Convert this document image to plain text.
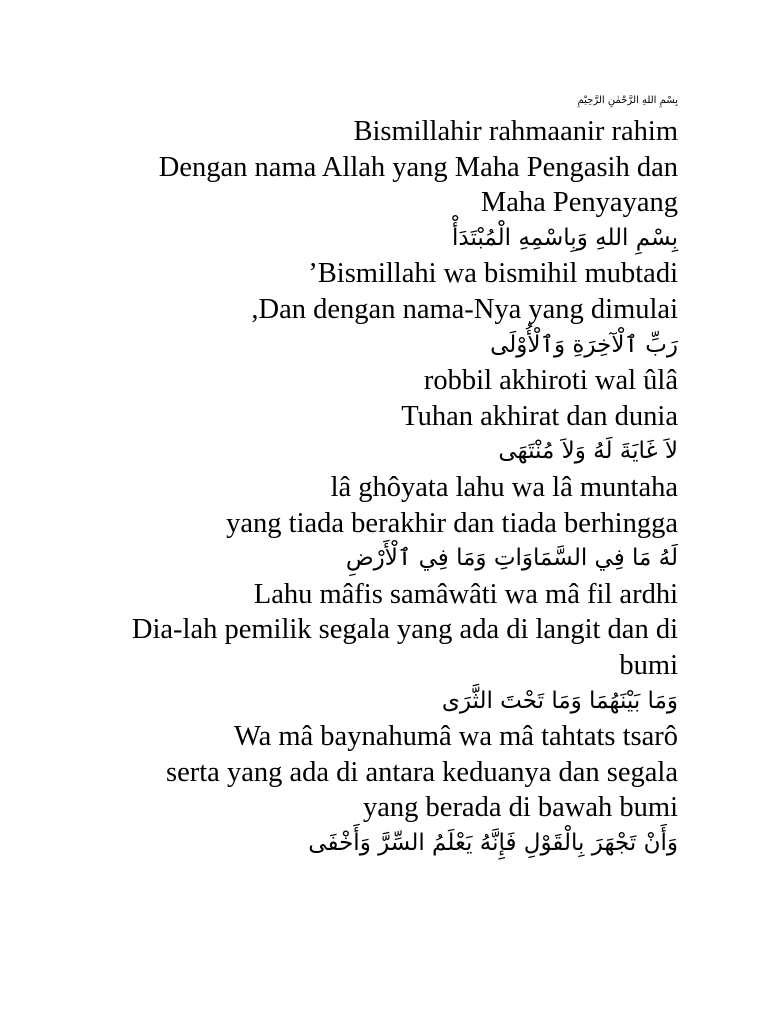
بِسْمِ اللهِ الرَّحْمٰنِ الرَّحِيْمِ
Bismillahir rahmaanir rahim
Dengan nama Allah yang Maha Pengasih dan
Maha Penyayang
بِسْمِ اللهِ وَبِاسْمِهِ الْمُبْتَدَأْ
’Bismillahi wa bismihil mubtadi
,Dan dengan nama-Nya yang dimulai
رَبِّ ٱلْآخِرَةِ وَٱلْأُوْلَى
robbil akhiroti wal ûlâ
Tuhan akhirat dan dunia
لاَ غَايَةَ لَهُ وَلاَ مُنْتَهَى
lâ ghôyata lahu wa lâ muntaha
yang tiada berakhir dan tiada berhingga
لَهُ مَا فِي السَّمَاوَاتِ وَمَا فِي ٱلْأَرْضِ
Lahu mâfis samâwâti wa mâ fil ardhi
Dia-lah pemilik segala yang ada di langit dan di
bumi
وَمَا بَيْنَهُمَا وَمَا تَحْتَ الثَّرَى
Wa mâ baynahumâ wa mâ tahtats tsarô
serta yang ada di antara keduanya dan segala
yang berada di bawah bumi
وَأَنْ تَجْهَرَ بِالْقَوْلِ فَإِنَّهُ يَعْلَمُ السِّرَّ وَأَخْفَى
